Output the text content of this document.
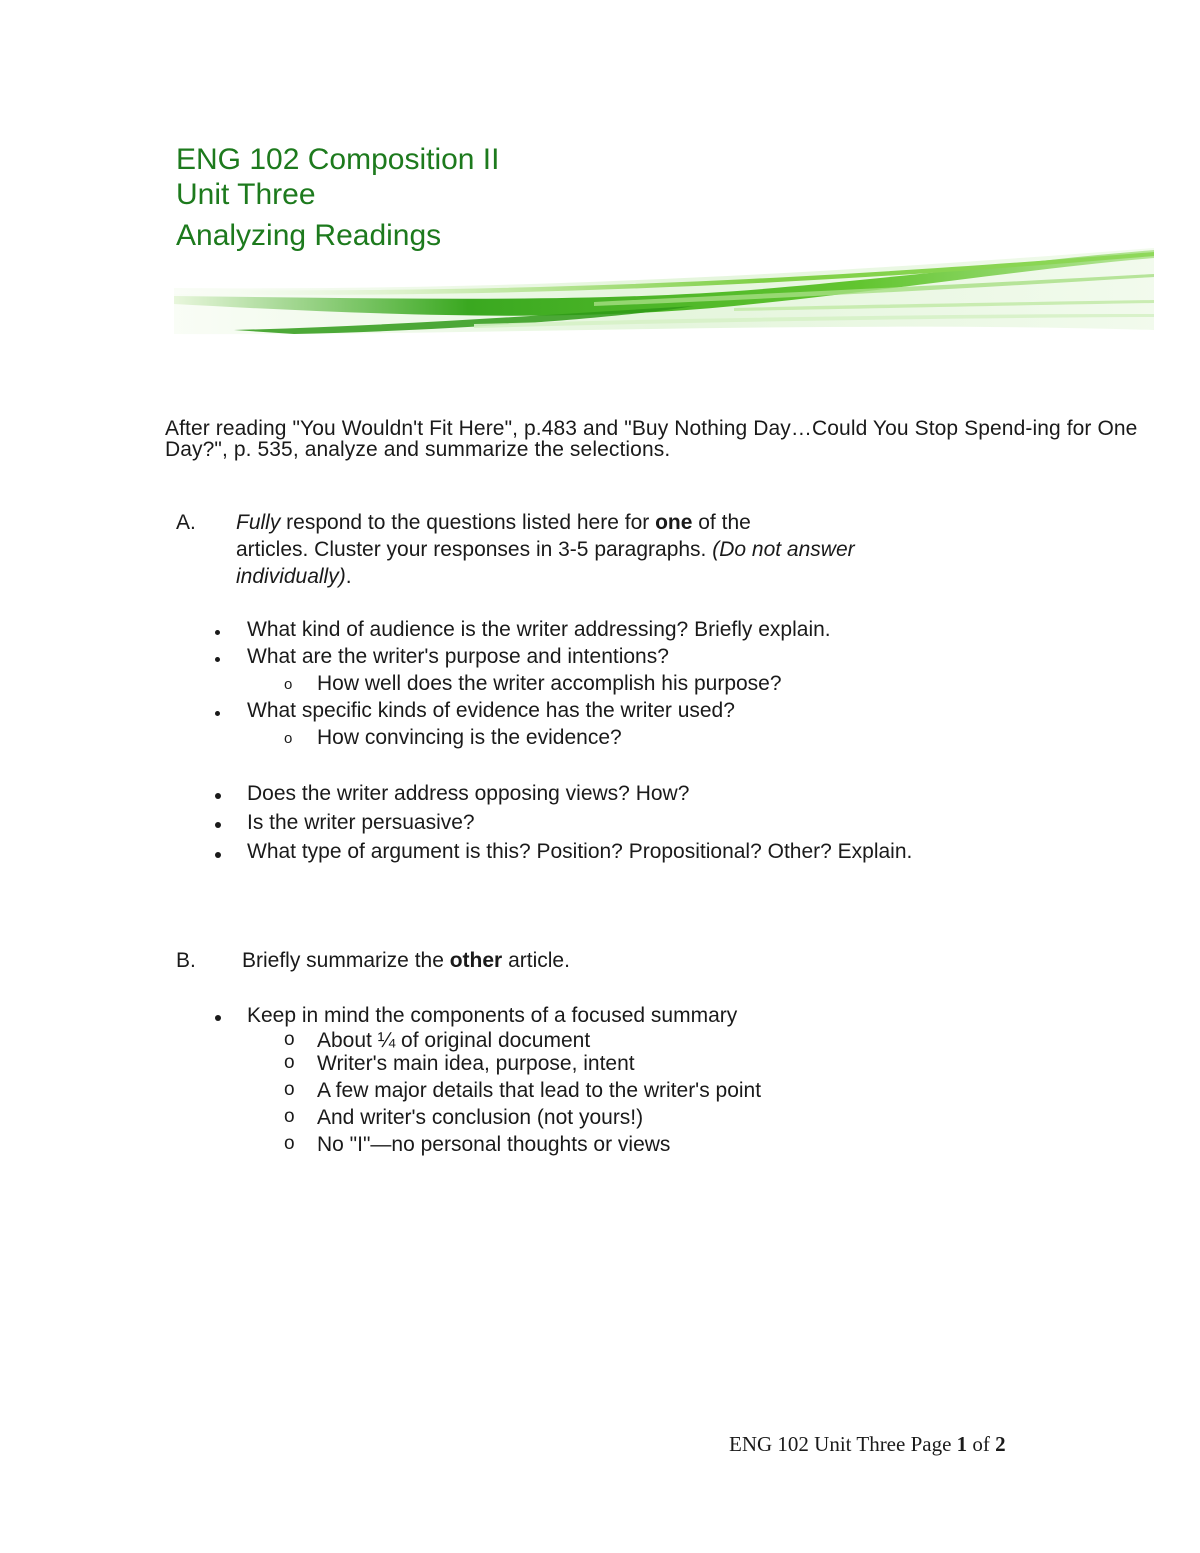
ENG 102 Composition II
Unit Three
Analyzing Readings
After reading "You Wouldn't Fit Here", p.483 and "Buy Nothing Day…Could You Stop Spend-ing for One Day?", p. 535, analyze and summarize the selections.
A. Fully respond to the questions listed here for one of the
articles. Cluster your responses in 3-5 paragraphs. (Do not answer
individually).
What kind of audience is the writer addressing? Briefly explain.
What are the writer's purpose and intentions?
o How well does the writer accomplish his purpose?
What specific kinds of evidence has the writer used?
o How convincing is the evidence?
Does the writer address opposing views? How?
Is the writer persuasive?
What type of argument is this? Position? Propositional? Other? Explain.
B. Briefly summarize the other article.
Keep in mind the components of a focused summary
o About ¼ of original document
o Writer's main idea, purpose, intent
o A few major details that lead to the writer's point
o And writer's conclusion (not yours!)
o No "I"—no personal thoughts or views
ENG 102 Unit Three Page 1 of 2
